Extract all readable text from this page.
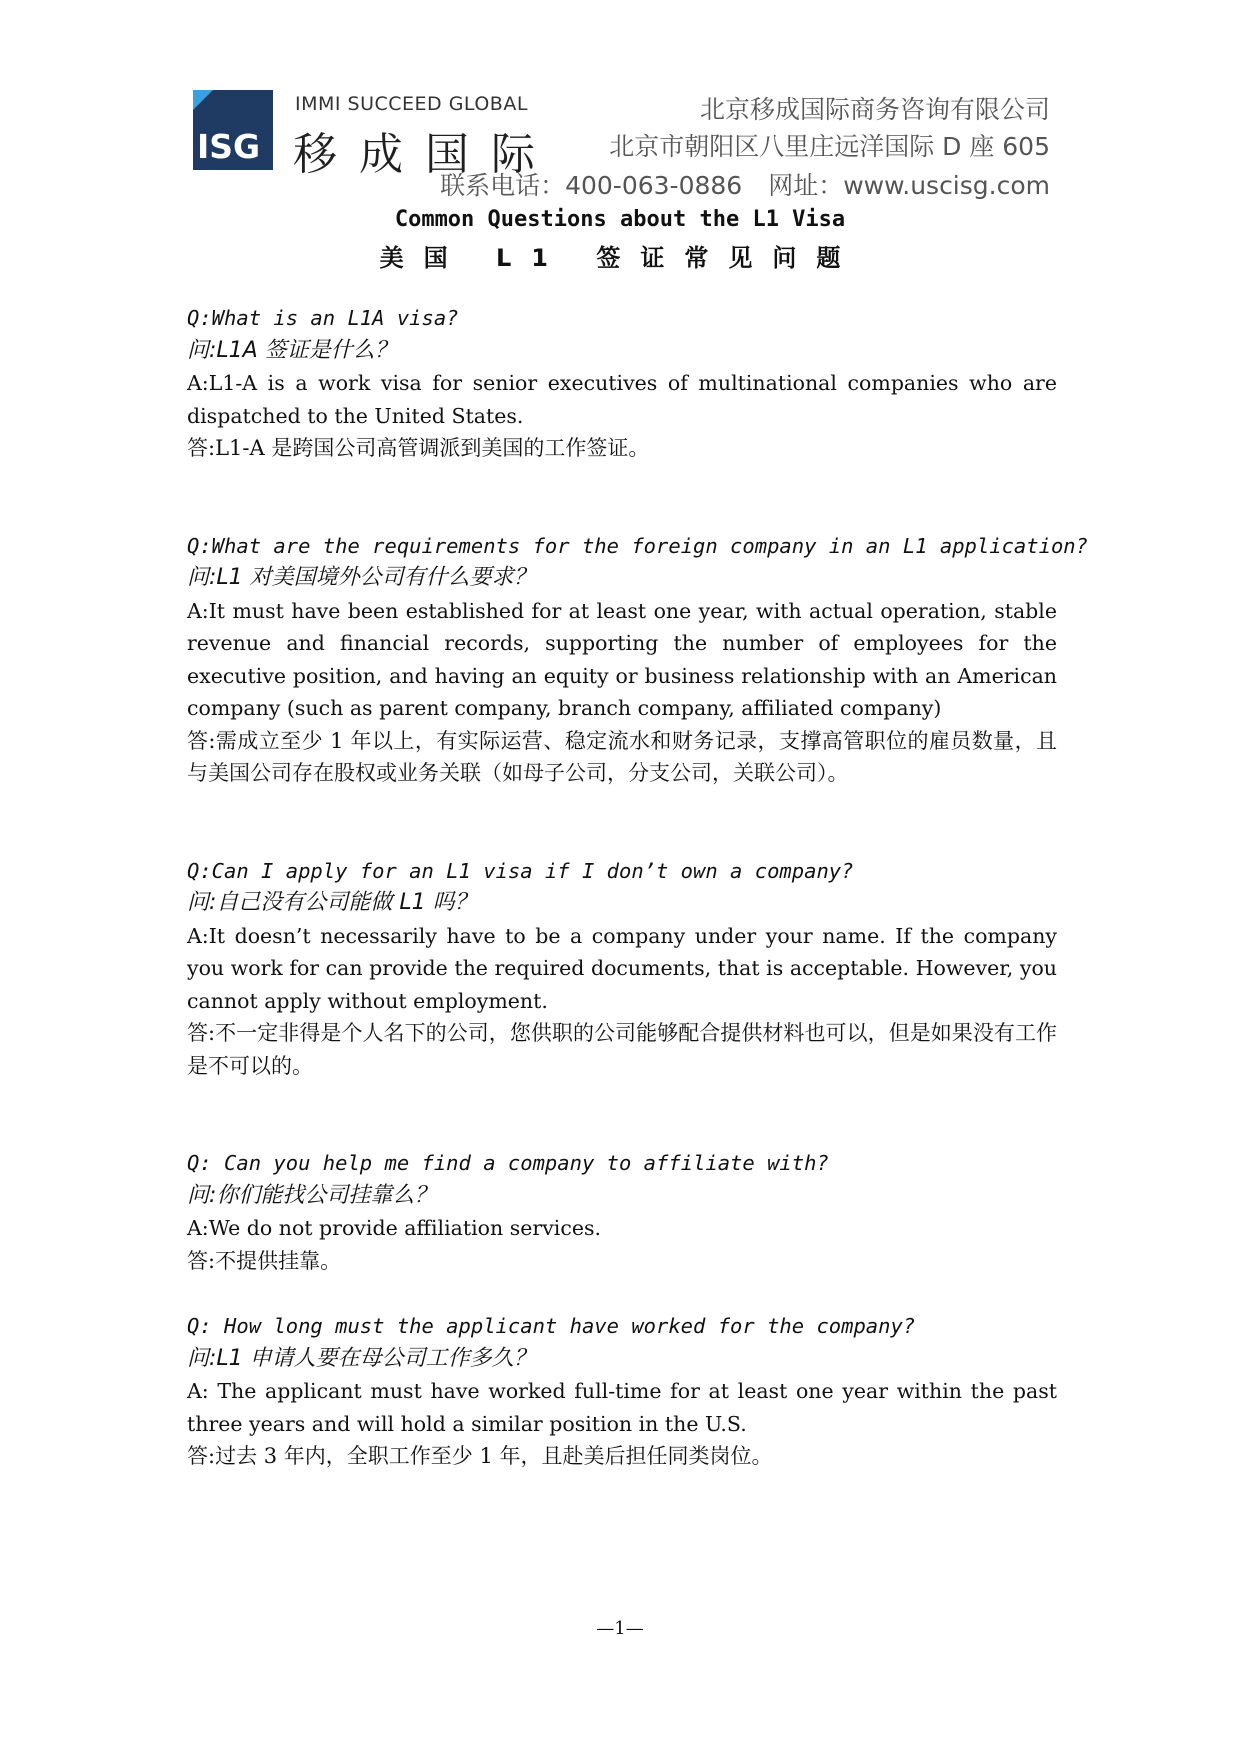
ISG
IMMI SUCCEED GLOBAL
移成国际
北京移成国际商务咨询有限公司
北京市朝阳区八里庄远洋国际 D 座 605
联系电话：400-063-0886 网址：www.uscisg.com
Common Questions about the L1 Visa
美国 L1 签证常见问题
Q:What is an L1A visa?
问:L1A 签证是什么？
A:L1-A is a work visa for senior executives of multinational companies who are dispatched to the United States.
答:L1-A 是跨国公司高管调派到美国的工作签证。
Q:What are the requirements for the foreign company in an L1 application?
问:L1 对美国境外公司有什么要求？
A:It must have been established for at least one year, with actual operation, stable revenue and financial records, supporting the number of employees for the executive position, and having an equity or business relationship with an American company (such as parent company, branch company, affiliated company)
答:需成立至少 1 年以上，有实际运营、稳定流水和财务记录，支撑高管职位的雇员数量，且与美国公司存在股权或业务关联（如母子公司，分支公司，关联公司）。
Q:Can I apply for an L1 visa if I don’t own a company?
问:自己没有公司能做 L1 吗？
A:It doesn’t necessarily have to be a company under your name. If the company you work for can provide the required documents, that is acceptable. However, you cannot apply without employment.
答:不一定非得是个人名下的公司，您供职的公司能够配合提供材料也可以，但是如果没有工作是不可以的。
Q: Can you help me find a company to affiliate with?
问:你们能找公司挂靠么？
A:We do not provide affiliation services.
答:不提供挂靠。
Q: How long must the applicant have worked for the company?
问:L1 申请人要在母公司工作多久？
A: The applicant must have worked full-time for at least one year within the past three years and will hold a similar position in the U.S.
答:过去 3 年内，全职工作至少 1 年，且赴美后担任同类岗位。
—1—
